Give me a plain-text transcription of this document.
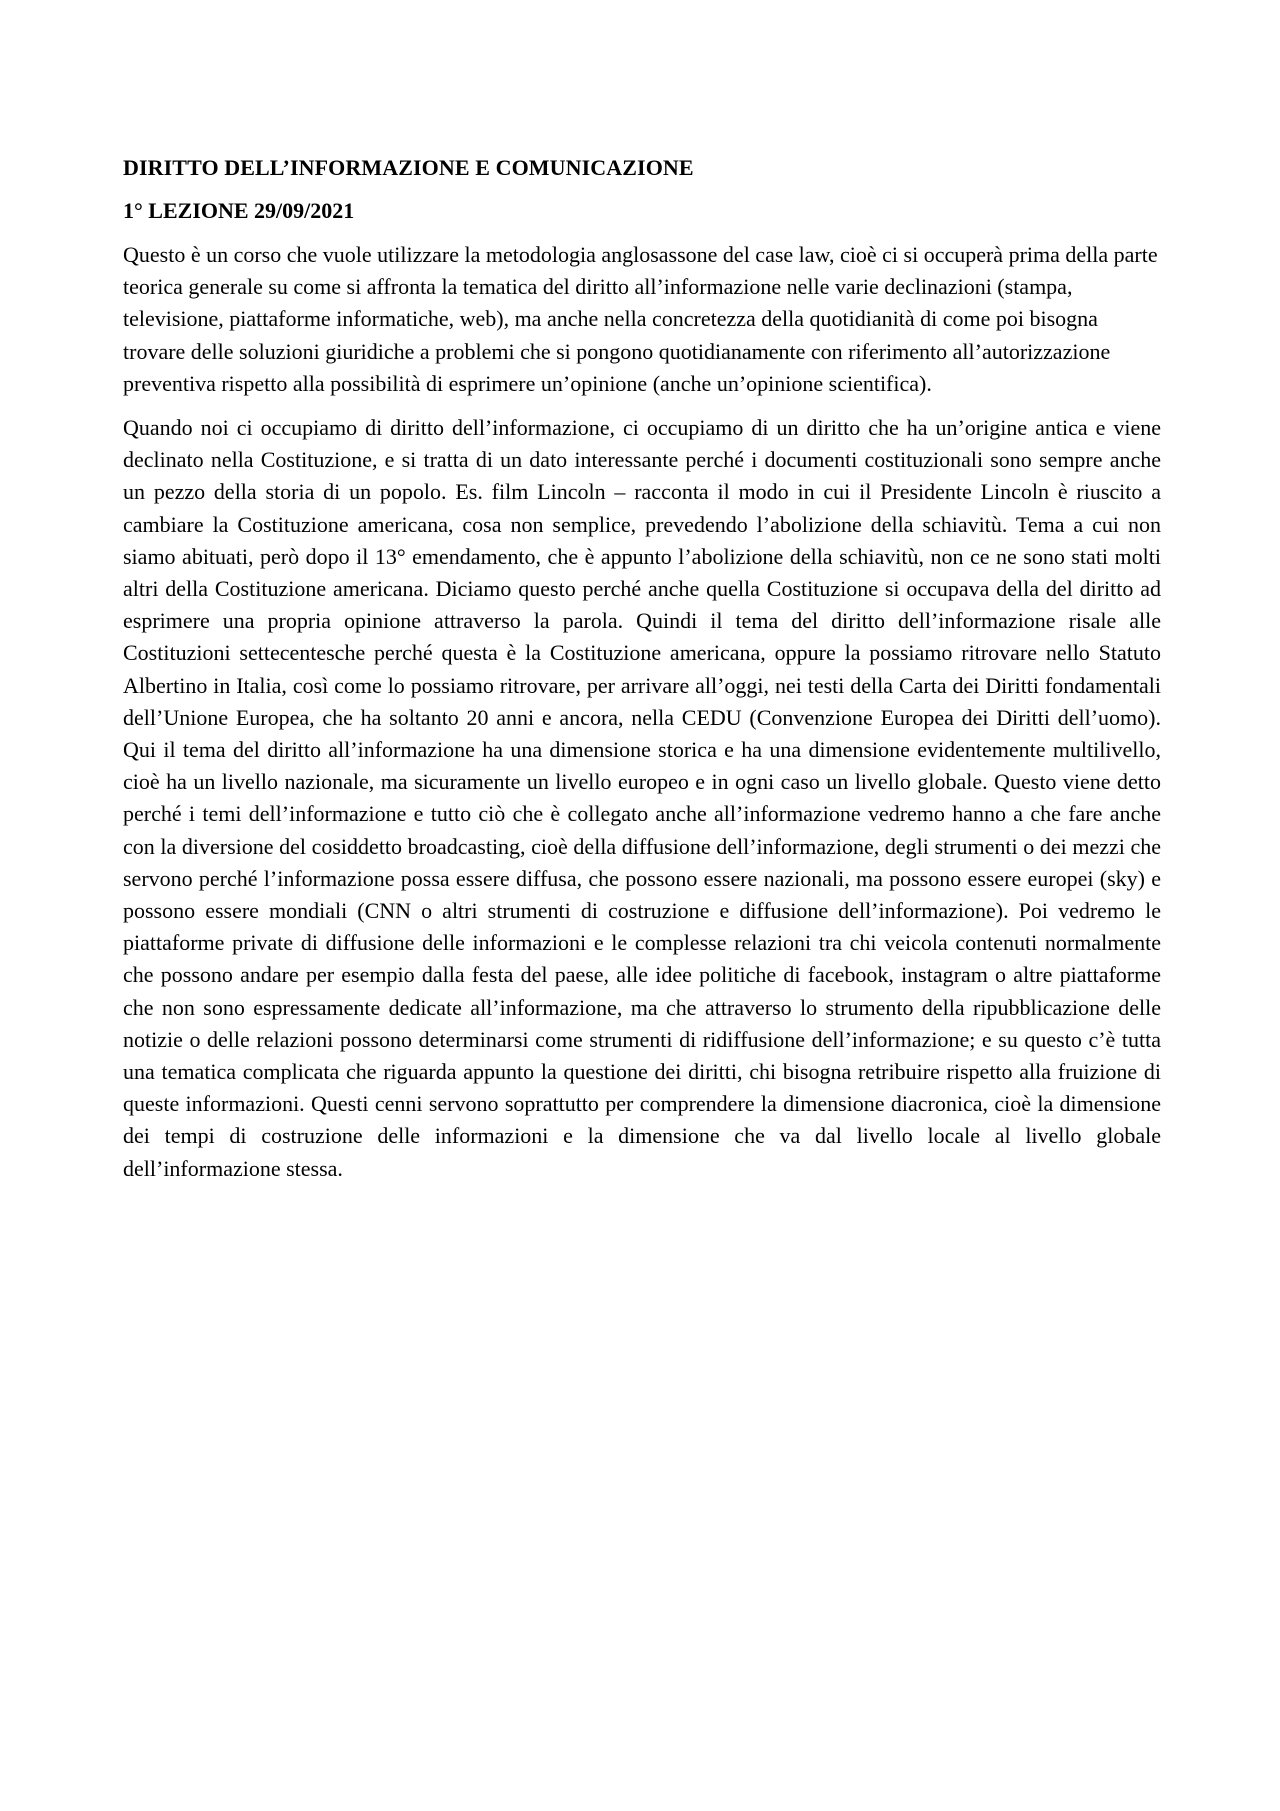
DIRITTO DELL’INFORMAZIONE E COMUNICAZIONE
1° LEZIONE 29/09/2021

Questo è un corso che vuole utilizzare la metodologia anglosassone del case law, cioè ci si occuperà prima della parte teorica generale su come si affronta la tematica del diritto all’informazione nelle varie declinazioni (stampa, televisione, piattaforme informatiche, web), ma anche nella concretezza della quotidianità di come poi bisogna trovare delle soluzioni giuridiche a problemi che si pongono quotidianamente con riferimento all’autorizzazione preventiva rispetto alla possibilità di esprimere un’opinione (anche un’opinione scientifica).

Quando noi ci occupiamo di diritto dell’informazione, ci occupiamo di un diritto che ha un’origine antica e viene declinato nella Costituzione, e si tratta di un dato interessante perché i documenti costituzionali sono sempre anche un pezzo della storia di un popolo. Es. film Lincoln – racconta il modo in cui il Presidente Lincoln è riuscito a cambiare la Costituzione americana, cosa non semplice, prevedendo l’abolizione della schiavitù. Tema a cui non siamo abituati, però dopo il 13° emendamento, che è appunto l’abolizione della schiavitù, non ce ne sono stati molti altri della Costituzione americana. Diciamo questo perché anche quella Costituzione si occupava della del diritto ad esprimere una propria opinione attraverso la parola. Quindi il tema del diritto dell’informazione risale alle Costituzioni settecentesche perché questa è la Costituzione americana, oppure la possiamo ritrovare nello Statuto Albertino in Italia, così come lo possiamo ritrovare, per arrivare all’oggi, nei testi della Carta dei Diritti fondamentali dell’Unione Europea, che ha soltanto 20 anni e ancora, nella CEDU (Convenzione Europea dei Diritti dell’uomo). Qui il tema del diritto all’informazione ha una dimensione storica e ha una dimensione evidentemente multilivello, cioè ha un livello nazionale, ma sicuramente un livello europeo e in ogni caso un livello globale. Questo viene detto perché i temi dell’informazione e tutto ciò che è collegato anche all’informazione vedremo hanno a che fare anche con la diversione del cosiddetto broadcasting, cioè della diffusione dell’informazione, degli strumenti o dei mezzi che servono perché l’informazione possa essere diffusa, che possono essere nazionali, ma possono essere europei (sky) e possono essere mondiali (CNN o altri strumenti di costruzione e diffusione dell’informazione). Poi vedremo le piattaforme private di diffusione delle informazioni e le complesse relazioni tra chi veicola contenuti normalmente che possono andare per esempio dalla festa del paese, alle idee politiche di facebook, instagram o altre piattaforme che non sono espressamente dedicate all’informazione, ma che attraverso lo strumento della ripubblicazione delle notizie o delle relazioni possono determinarsi come strumenti di ridiffusione dell’informazione; e su questo c’è tutta una tematica complicata che riguarda appunto la questione dei diritti, chi bisogna retribuire rispetto alla fruizione di queste informazioni. Questi cenni servono soprattutto per comprendere la dimensione diacronica, cioè la dimensione dei tempi di costruzione delle informazioni e la dimensione che va dal livello locale al livello globale dell’informazione stessa.
